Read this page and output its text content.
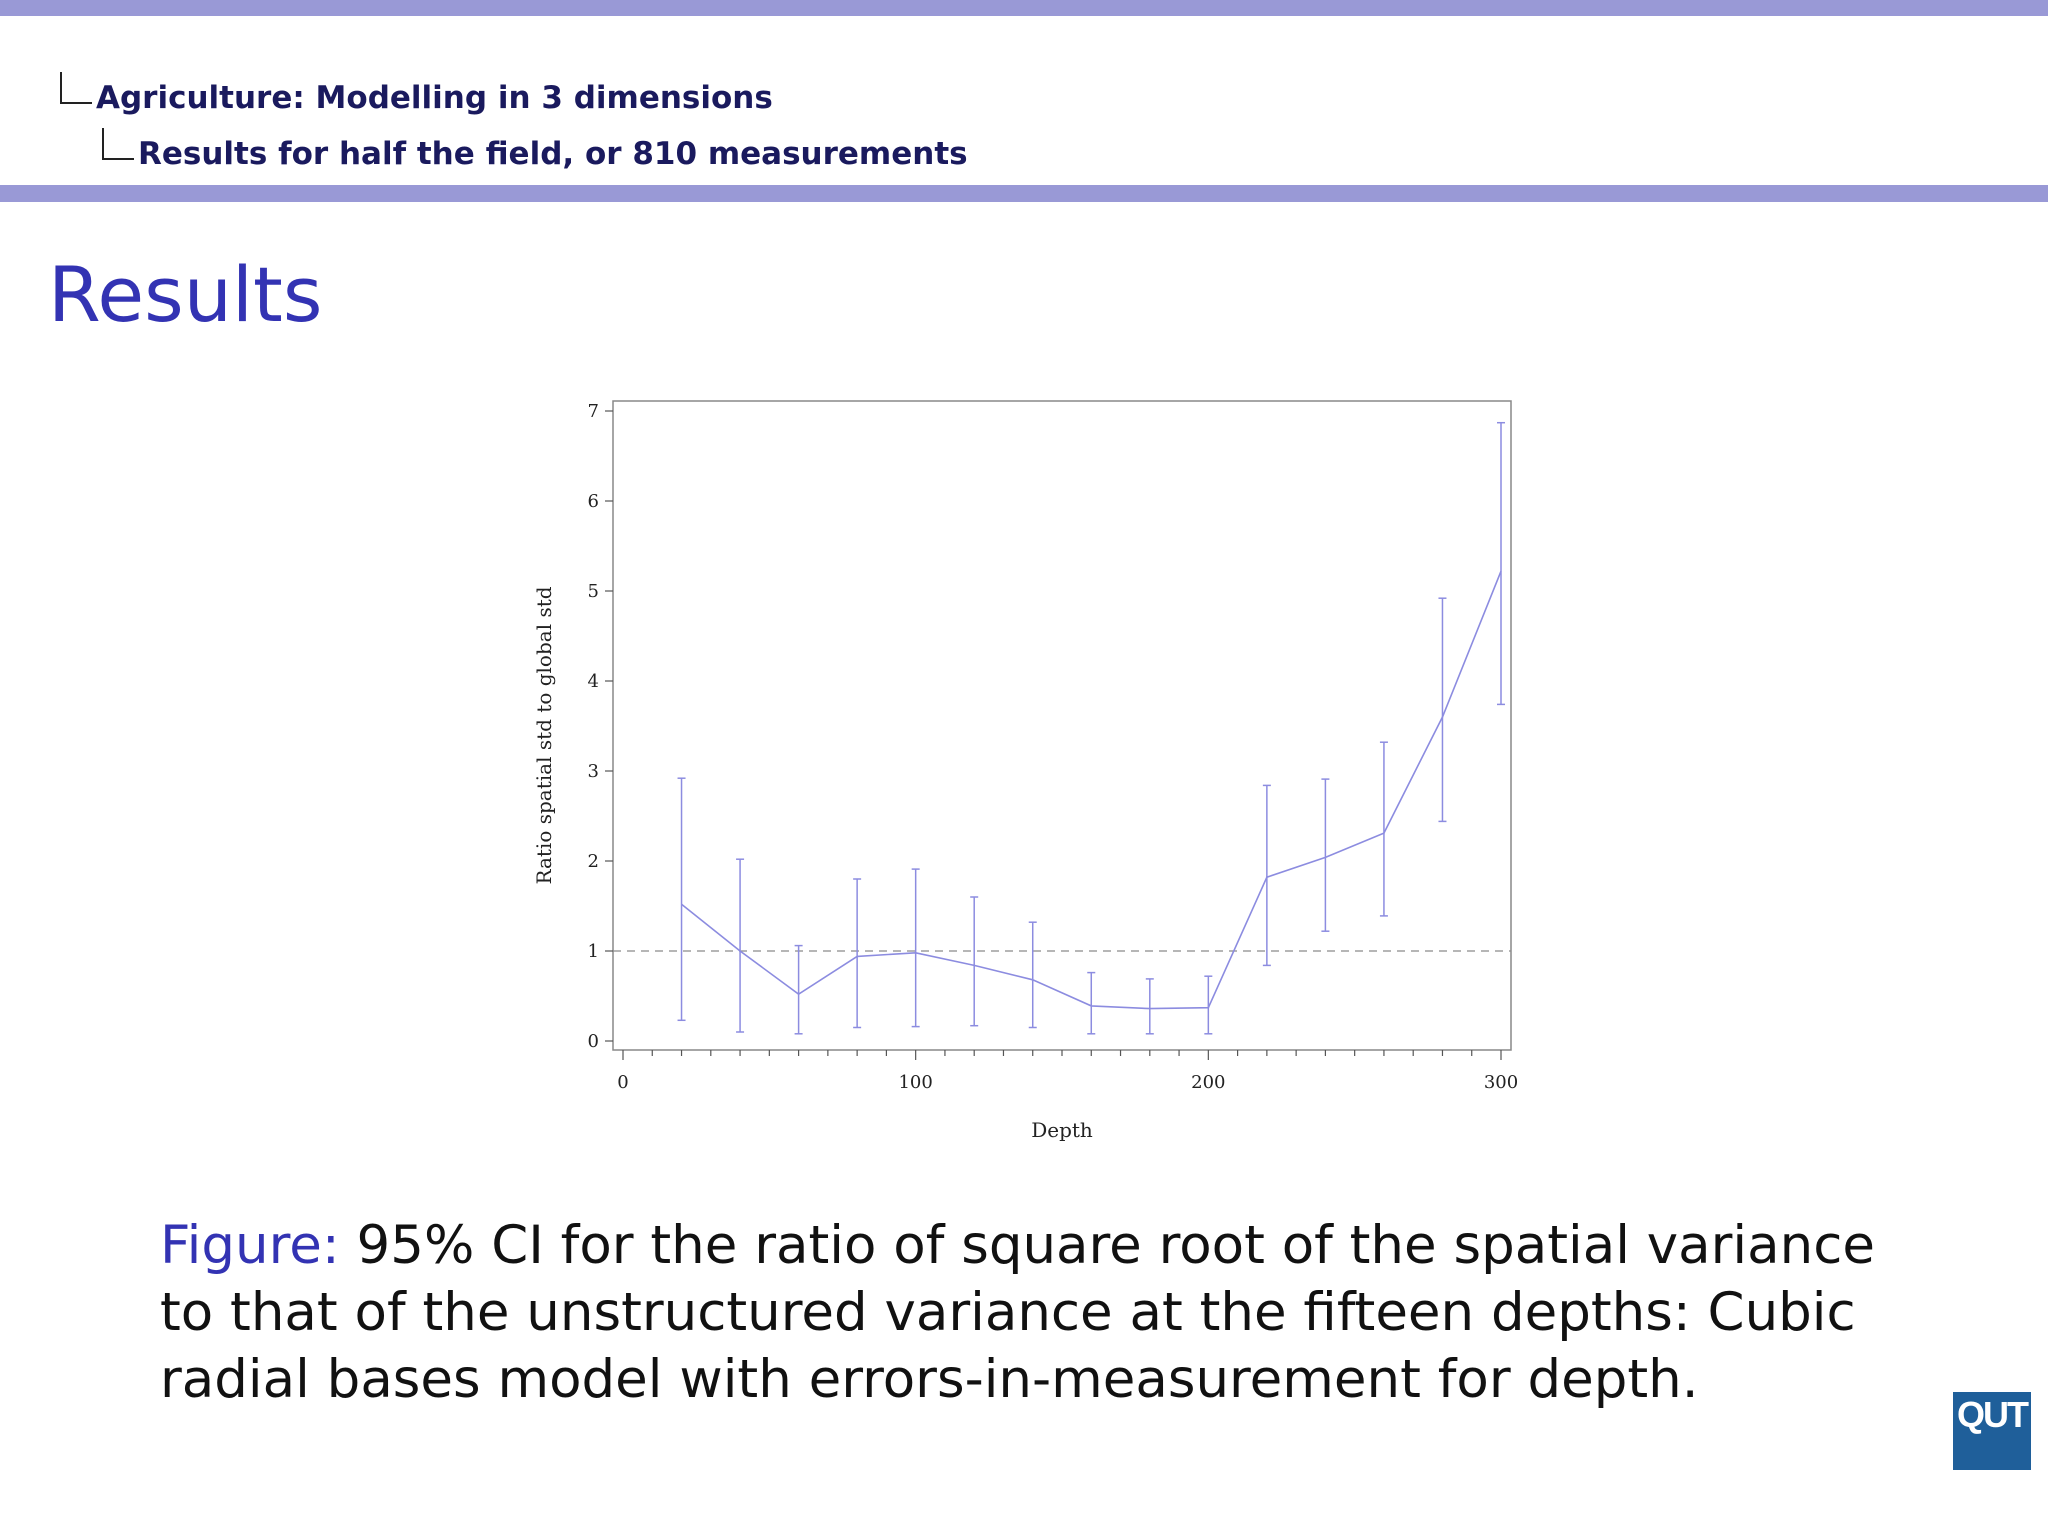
Agriculture: Modelling in 3 dimensions
Results for half the field, or 810 measurements
Results
0
1
2
3
4
5
6
7
0	100	200	300
Depth
Ratio spatial std to global std
Figure: 95% CI for the ratio of square root of the spatial variance to that of the unstructured variance at the fifteen depths: Cubic radial bases model with errors-in-measurement for depth.
QUT
